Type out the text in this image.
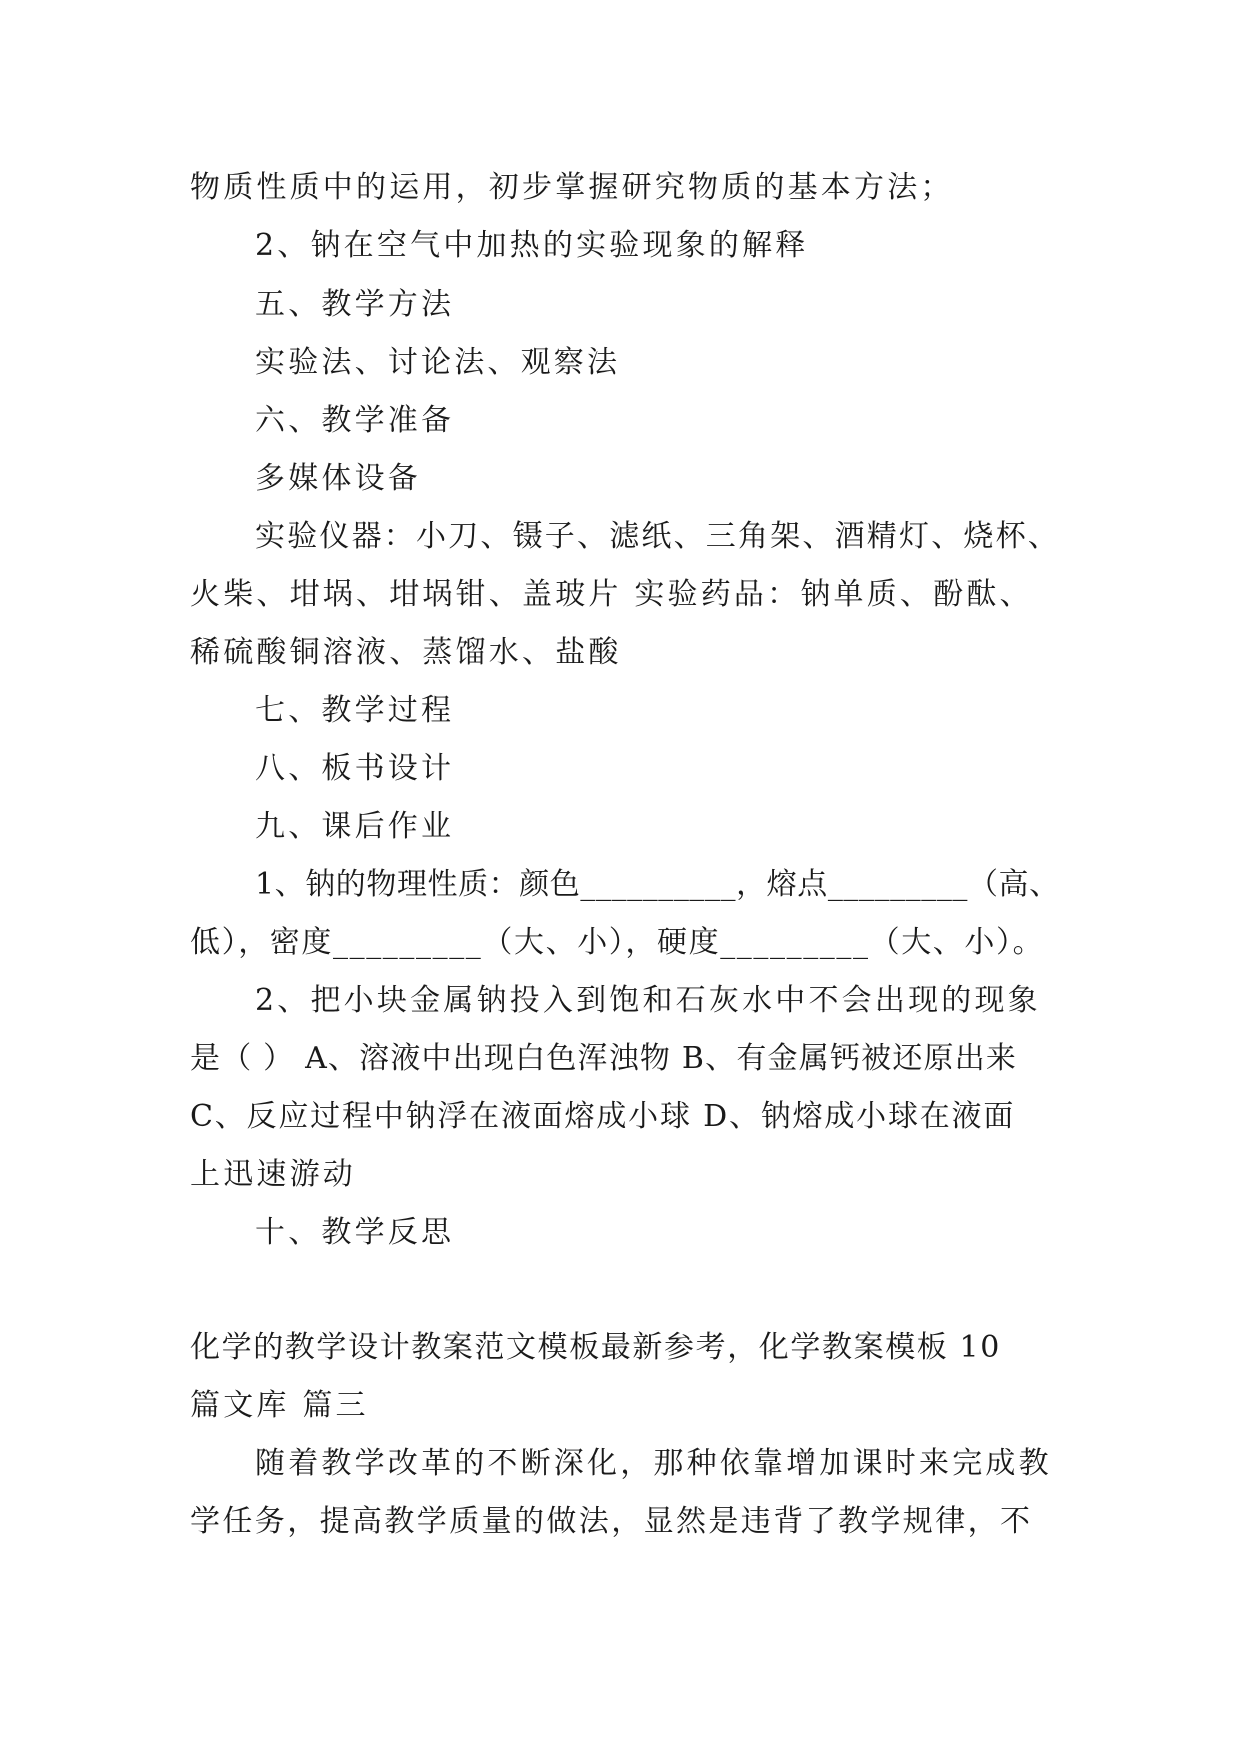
物质性质中的运用，初步掌握研究物质的基本方法；
2、钠在空气中加热的实验现象的解释
五、教学方法
实验法、讨论法、观察法
六、教学准备
多媒体设备
实验仪器：小刀、镊子、滤纸、三角架、酒精灯、烧杯、
火柴、坩埚、坩埚钳、盖玻片 实验药品：钠单质、酚酞、
稀硫酸铜溶液、蒸馏水、盐酸
七、教学过程
八、板书设计
九、课后作业
1、钠的物理性质：颜色__________，熔点_________（高、
低），密度_________（大、小），硬度_________（大、小）。
2、把小块金属钠投入到饱和石灰水中不会出现的现象
是（ ） A、溶液中出现白色浑浊物 B、有金属钙被还原出来
C、反应过程中钠浮在液面熔成小球 D、钠熔成小球在液面
上迅速游动
十、教学反思
化学的教学设计教案范文模板最新参考，化学教案模板 10
篇文库 篇三
随着教学改革的不断深化，那种依靠增加课时来完成教
学任务，提高教学质量的做法，显然是违背了教学规律，不
